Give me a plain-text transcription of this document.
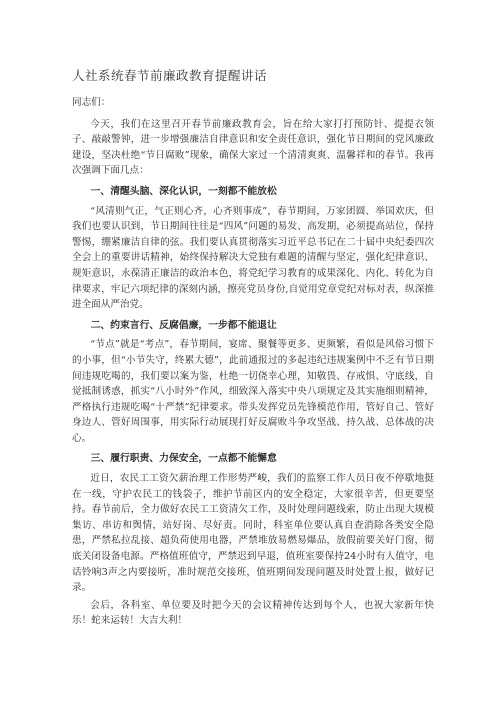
人社系统春节前廉政教育提醒讲话

同志们：

今天，我们在这里召开春节前廉政教育会，旨在给大家打打预防针、提提衣领子、敲敲警钟，进一步增强廉洁自律意识和安全责任意识，强化节日期间的党风廉政建设，坚决杜绝“节日腐败”现象，确保大家过一个清清爽爽、温馨祥和的春节。我再次强调下面几点：

一、清醒头脑、深化认识，一刻都不能放松

“风清则气正，气正则心齐，心齐则事成”，春节期间，万家团圆、举国欢庆，但我们也要认识到，节日期间往往是“四风”问题的易发、高发期，必须提高站位，保持警惕，绷紧廉洁自律的弦。我们要认真贯彻落实习近平总书记在二十届中央纪委四次全会上的重要讲话精神，始终保持解决大党独有难题的清醒与坚定，强化纪律意识、规矩意识，永葆清正廉洁的政治本色，将党纪学习教育的成果深化、内化、转化为自律要求，牢记六项纪律的深刻内涵，擦亮党员身份,自觉用党章党纪对标对表，纵深推进全面从严治党。

二、约束言行、反腐倡廉，一步都不能退让

“节点”就是“考点”，春节期间，宴席、聚餐等更多、更频繁，看似是风俗习惯下的小事，但“小节失守，终累大德”，此前通报过的多起违纪违规案例中不乏有节日期间违规吃喝的，我们要以案为鉴，杜绝一切侥幸心理，知敬畏、存戒惧、守底线，自觉抵制诱惑，抓实“八小时外”作风，细致深入落实中央八项规定及其实施细则精神，严格执行违规吃喝“十严禁”纪律要求。带头发挥党员先锋模范作用，管好自己、管好身边人、管好周围事，用实际行动展现打好反腐败斗争攻坚战、持久战、总体战的决心。

三、履行职责、力保安全，一点都不能懈怠

近日，农民工工资欠薪治理工作形势严峻，我们的监察工作人员日夜不停歇地挺在一线，守护农民工的钱袋子，维护节前区内的安全稳定，大家很辛苦，但更要坚持。春节前后，全力做好农民工工资清欠工作，及时处理问题线索，防止出现大规模集访、串访和舆情，站好岗、尽好责。同时，科室单位要认真自查消除各类安全隐患，严禁私拉乱接、超负荷使用电器，严禁堆放易燃易爆品，放假前要关好门窗，彻底关闭设备电源。严格值班值守，严禁迟到早退，值班室要保持24小时有人值守，电话铃响3声之内要接听，准时规范交接班，值班期间发现问题及时处置上报，做好记录。

会后，各科室、单位要及时把今天的会议精神传达到每个人，也祝大家新年快乐！蛇来运转！大吉大利！
